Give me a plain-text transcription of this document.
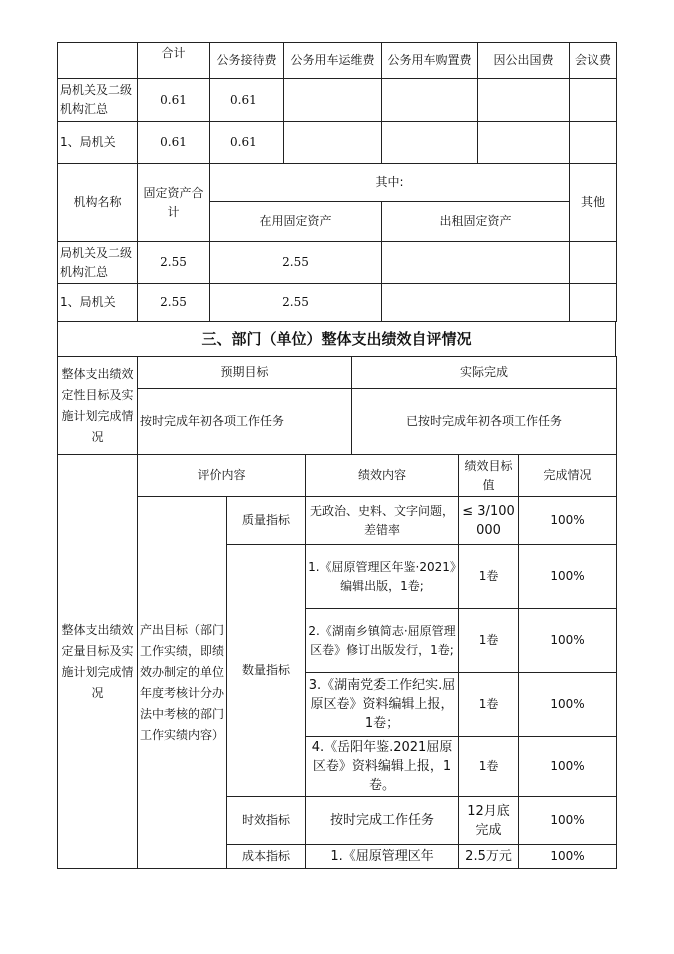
	合计	公务接待费	公务用车运维费	公务用车购置费	因公出国费	会议费
局机关及二级机构汇总	0.61	0.61				
1、局机关	0.61	0.61				
机构名称	固定资产合计	其中:		其他
		在用固定资产	出租固定资产	
局机关及二级机构汇总	2.55	2.55		
1、局机关	2.55	2.55		
三、部门（单位）整体支出绩效自评情况
整体支出绩效定性目标及实施计划完成情况	预期目标	实际完成
	按时完成年初各项工作任务	已按时完成年初各项工作任务
整体支出绩效定量目标及实施计划完成情况	评价内容		绩效内容	绩效目标值	完成情况
	产出目标（部门工作实绩，即绩效办制定的单位年度考核计分办法中考核的部门工作实绩内容）	质量指标	无政治、史料、文字问题，差错率	≤ 3/100000	100%
		数量指标	1.《屈原管理区年鉴·2021》编辑出版，1卷;	1卷	100%
			2.《湖南乡镇简志·屈原管理区卷》修订出版发行，1卷;	1卷	100%
			3.《湖南党委工作纪实.屈原区卷》资料编辑上报，1卷；	1卷	100%
			4.《岳阳年鉴.2021屈原区卷》资料编辑上报，1卷。	1卷	100%
		时效指标	按时完成工作任务	12月底完成	100%
		成本指标	1.《屈原管理区年	2.5万元	100%
